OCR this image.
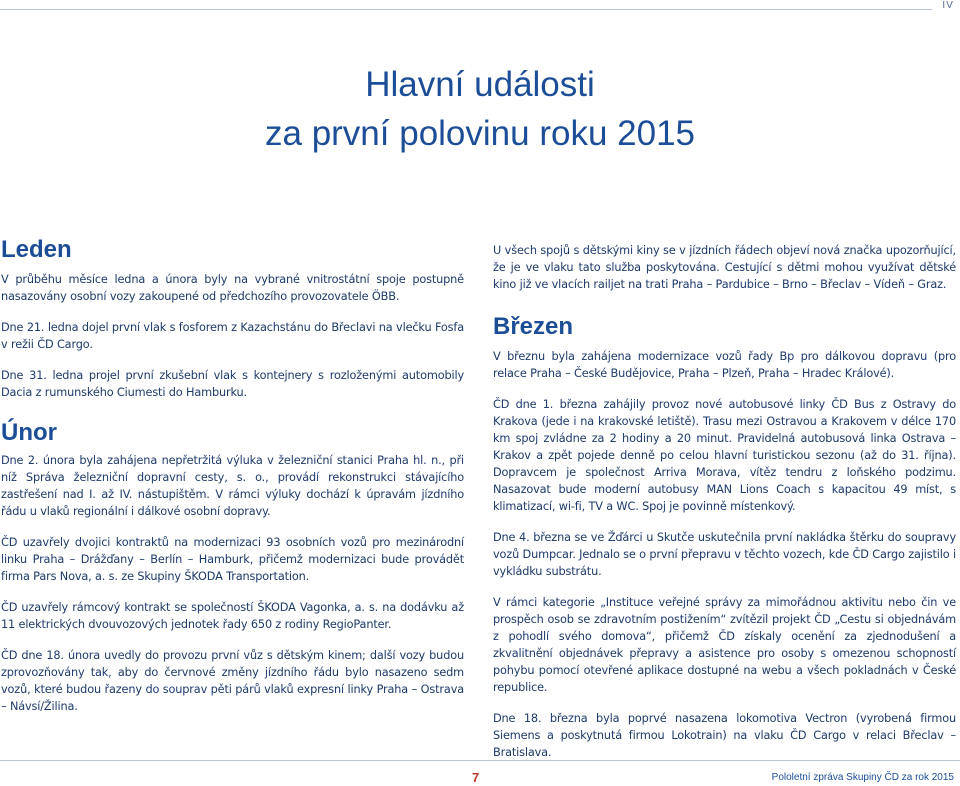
IV
Hlavní události
za první polovinu roku 2015
Leden

V průběhu měsíce ledna a února byly na vybrané vnitrostátní spoje postupně nasazovány osobní vozy zakoupené od předchozího provozovatele ÖBB.

Dne 21. ledna dojel první vlak s fosforem z Kazachstánu do Břeclavi na vlečku Fosfa v režii ČD Cargo.

Dne 31. ledna projel první zkušební vlak s kontejnery s rozloženými automobily Dacia z rumunského Ciumesti do Hamburku.

Únor

Dne 2. února byla zahájena nepřetržitá výluka v železniční stanici Praha hl. n., při níž Správa železniční dopravní cesty, s. o., provádí rekonstrukci stávajícího zastřešení nad I. až IV. nástupištěm. V rámci výluky dochází k úpravám jízdního řádu u vlaků regionální i dálkové osobní dopravy.

ČD uzavřely dvojici kontraktů na modernizaci 93 osobních vozů pro mezinárodní linku Praha – Drážďany – Berlín – Hamburk, přičemž modernizaci bude provádět firma Pars Nova, a. s. ze Skupiny ŠKODA Transportation.

ČD uzavřely rámcový kontrakt se společností ŠKODA Vagonka, a. s. na dodávku až 11 elektrických dvouvozových jednotek řady 650 z rodiny RegioPanter.

ČD dne 18. února uvedly do provozu první vůz s dětským kinem; další vozy budou zprovozňovány tak, aby do červnové změny jízdního řádu bylo nasazeno sedm vozů, které budou řazeny do souprav pěti párů vlaků expresní linky Praha – Ostrava – Návsí/Žilina.

U všech spojů s dětskými kiny se v jízdních řádech objeví nová značka upozorňující, že je ve vlaku tato služba poskytována. Cestující s dětmi mohou využívat dětské kino již ve vlacích railjet na trati Praha – Pardubice – Brno – Břeclav – Vídeň – Graz.

Březen

V březnu byla zahájena modernizace vozů řady Bp pro dálkovou dopravu (pro relace Praha – České Budějovice, Praha – Plzeň, Praha – Hradec Králové).

ČD dne 1. března zahájily provoz nové autobusové linky ČD Bus z Ostravy do Krakova (jede i na krakovské letiště). Trasu mezi Ostravou a Krakovem v délce 170 km spoj zvládne za 2 hodiny a 20 minut. Pravidelná autobusová linka Ostrava – Krakov a zpět pojede denně po celou hlavní turistickou sezonu (až do 31. října). Dopravcem je společnost Arriva Morava, vítěz tendru z loňského podzimu. Nasazovat bude moderní autobusy MAN Lions Coach s kapacitou 49 míst, s klimatizací, wi-fi, TV a WC. Spoj je povinně místenkový.

Dne 4. března se ve Žďárci u Skutče uskutečnila první nakládka štěrku do soupravy vozů Dumpcar. Jednalo se o první přepravu v těchto vozech, kde ČD Cargo zajistilo i vykládku substrátu.

V rámci kategorie „Instituce veřejné správy za mimořádnou aktivitu nebo čin ve prospěch osob se zdravotním postižením“ zvítězil projekt ČD „Cestu si objednávám z pohodlí svého domova“, přičemž ČD získaly ocenění za zjednodušení a zkvalitnění objednávek přepravy a asistence pro osoby s omezenou schopností pohybu pomocí otevřené aplikace dostupné na webu a všech pokladnách v České republice.

Dne 18. března byla poprvé nasazena lokomotiva Vectron (vyrobená firmou Siemens a poskytnutá firmou Lokotrain) na vlaku ČD Cargo v relaci Břeclav – Bratislava.

7	Pololetní zpráva Skupiny ČD za rok 2015
